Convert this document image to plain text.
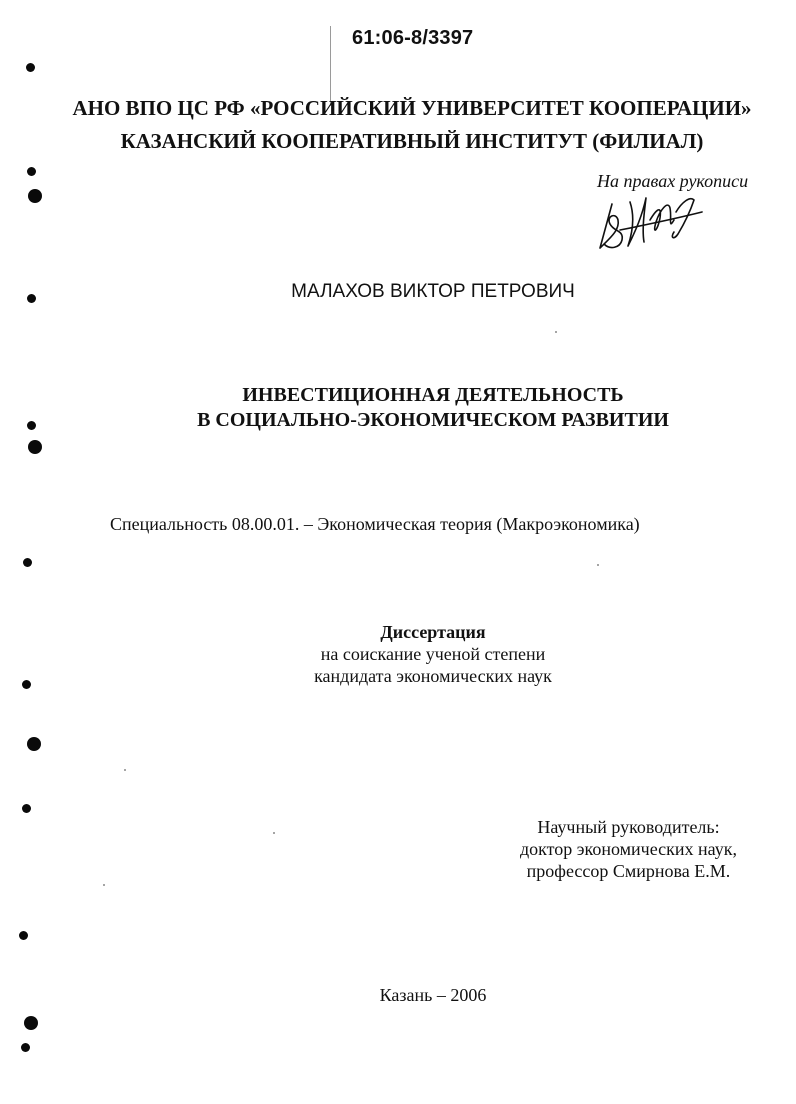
61:06-8/3397
АНО ВПО ЦС РФ «РОССИЙСКИЙ УНИВЕРСИТЕТ КООПЕРАЦИИ»
КАЗАНСКИЙ КООПЕРАТИВНЫЙ ИНСТИТУТ (ФИЛИАЛ)
На правах рукописи
МАЛАХОВ ВИКТОР ПЕТРОВИЧ
ИНВЕСТИЦИОННАЯ ДЕЯТЕЛЬНОСТЬ
В СОЦИАЛЬНО-ЭКОНОМИЧЕСКОМ РАЗВИТИИ
Специальность 08.00.01. – Экономическая теория (Макроэкономика)
Диссертация
на соискание ученой степени
кандидата экономических наук
Научный руководитель:
доктор экономических наук,
профессор Смирнова Е.М.
Казань – 2006
